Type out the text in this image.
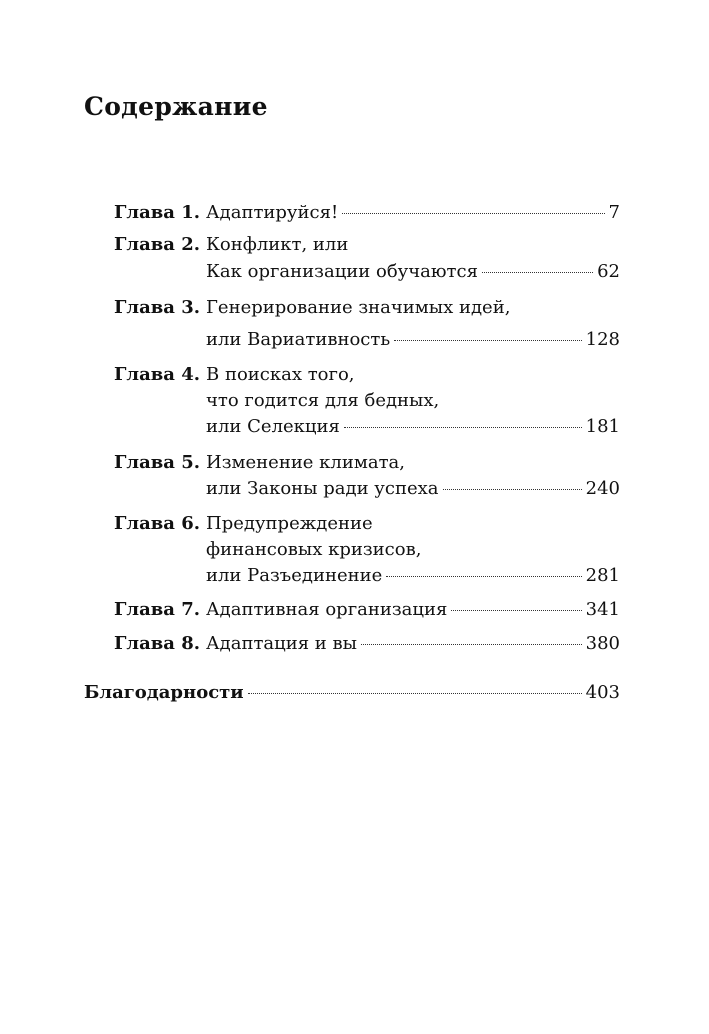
Содержание
Глава 1. Адаптируйся!	7
Глава 2. Конфликт, или
Как организации обучаются	62
Глава 3. Генерирование значимых идей,
или Вариативность	128
Глава 4. В поисках того,
что годится для бедных,
или Селекция	181
Глава 5. Изменение климата,
или Законы ради успеха	240
Глава 6. Предупреждение
финансовых кризисов,
или Разъединение	281
Глава 7. Адаптивная организация	341
Глава 8. Адаптация и вы	380
Благодарности	403
